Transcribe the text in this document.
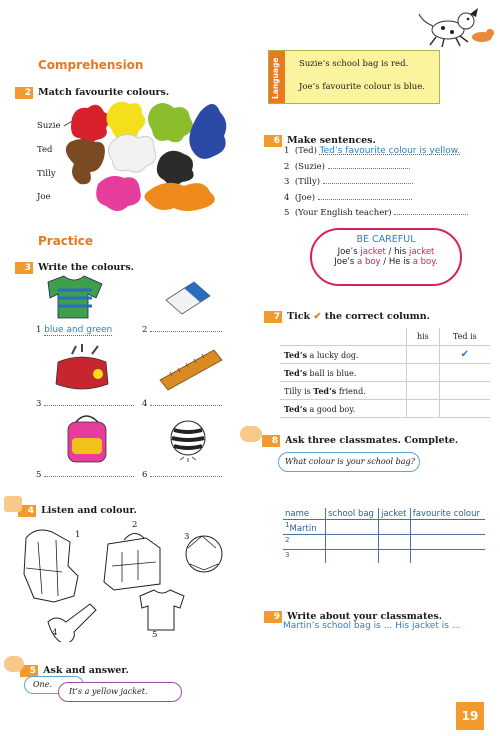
Comprehension
2 Match favourite colours.
Suzie
Ted
Tilly
Joe
Language Suzie’s school bag is red.
Joe’s favourite colour is blue.
6 Make sentences.
1 (Ted) Ted’s favourite colour is yellow.
2 (Suzie)
3 (Tilly)
4 (Joe)
5 (Your English teacher)
BE CAREFUL
Joe’s jacket / his jacket
Joe’s a boy / He is a boy.
Practice
3 Write the colours.
1 blue and green	2
3	4
5	6
7 Tick ✔ the correct column.
	his	Ted is
Ted’s a lucky dog.		✔
Ted’s ball is blue.		
Tilly is Ted’s friend.		
Ted’s a good boy.		
8 Ask three classmates. Complete.
What colour is your school bag?
name	school bag	jacket	favourite colour
$^1$Martin			
$^2$			
$^3$			
4 Listen and colour.
1
2
3
4	5
9 Write about your classmates.
Martin’s school bag is ... His jacket is ...
5 Ask and answer.
One.
It’s a yellow jacket.
19
